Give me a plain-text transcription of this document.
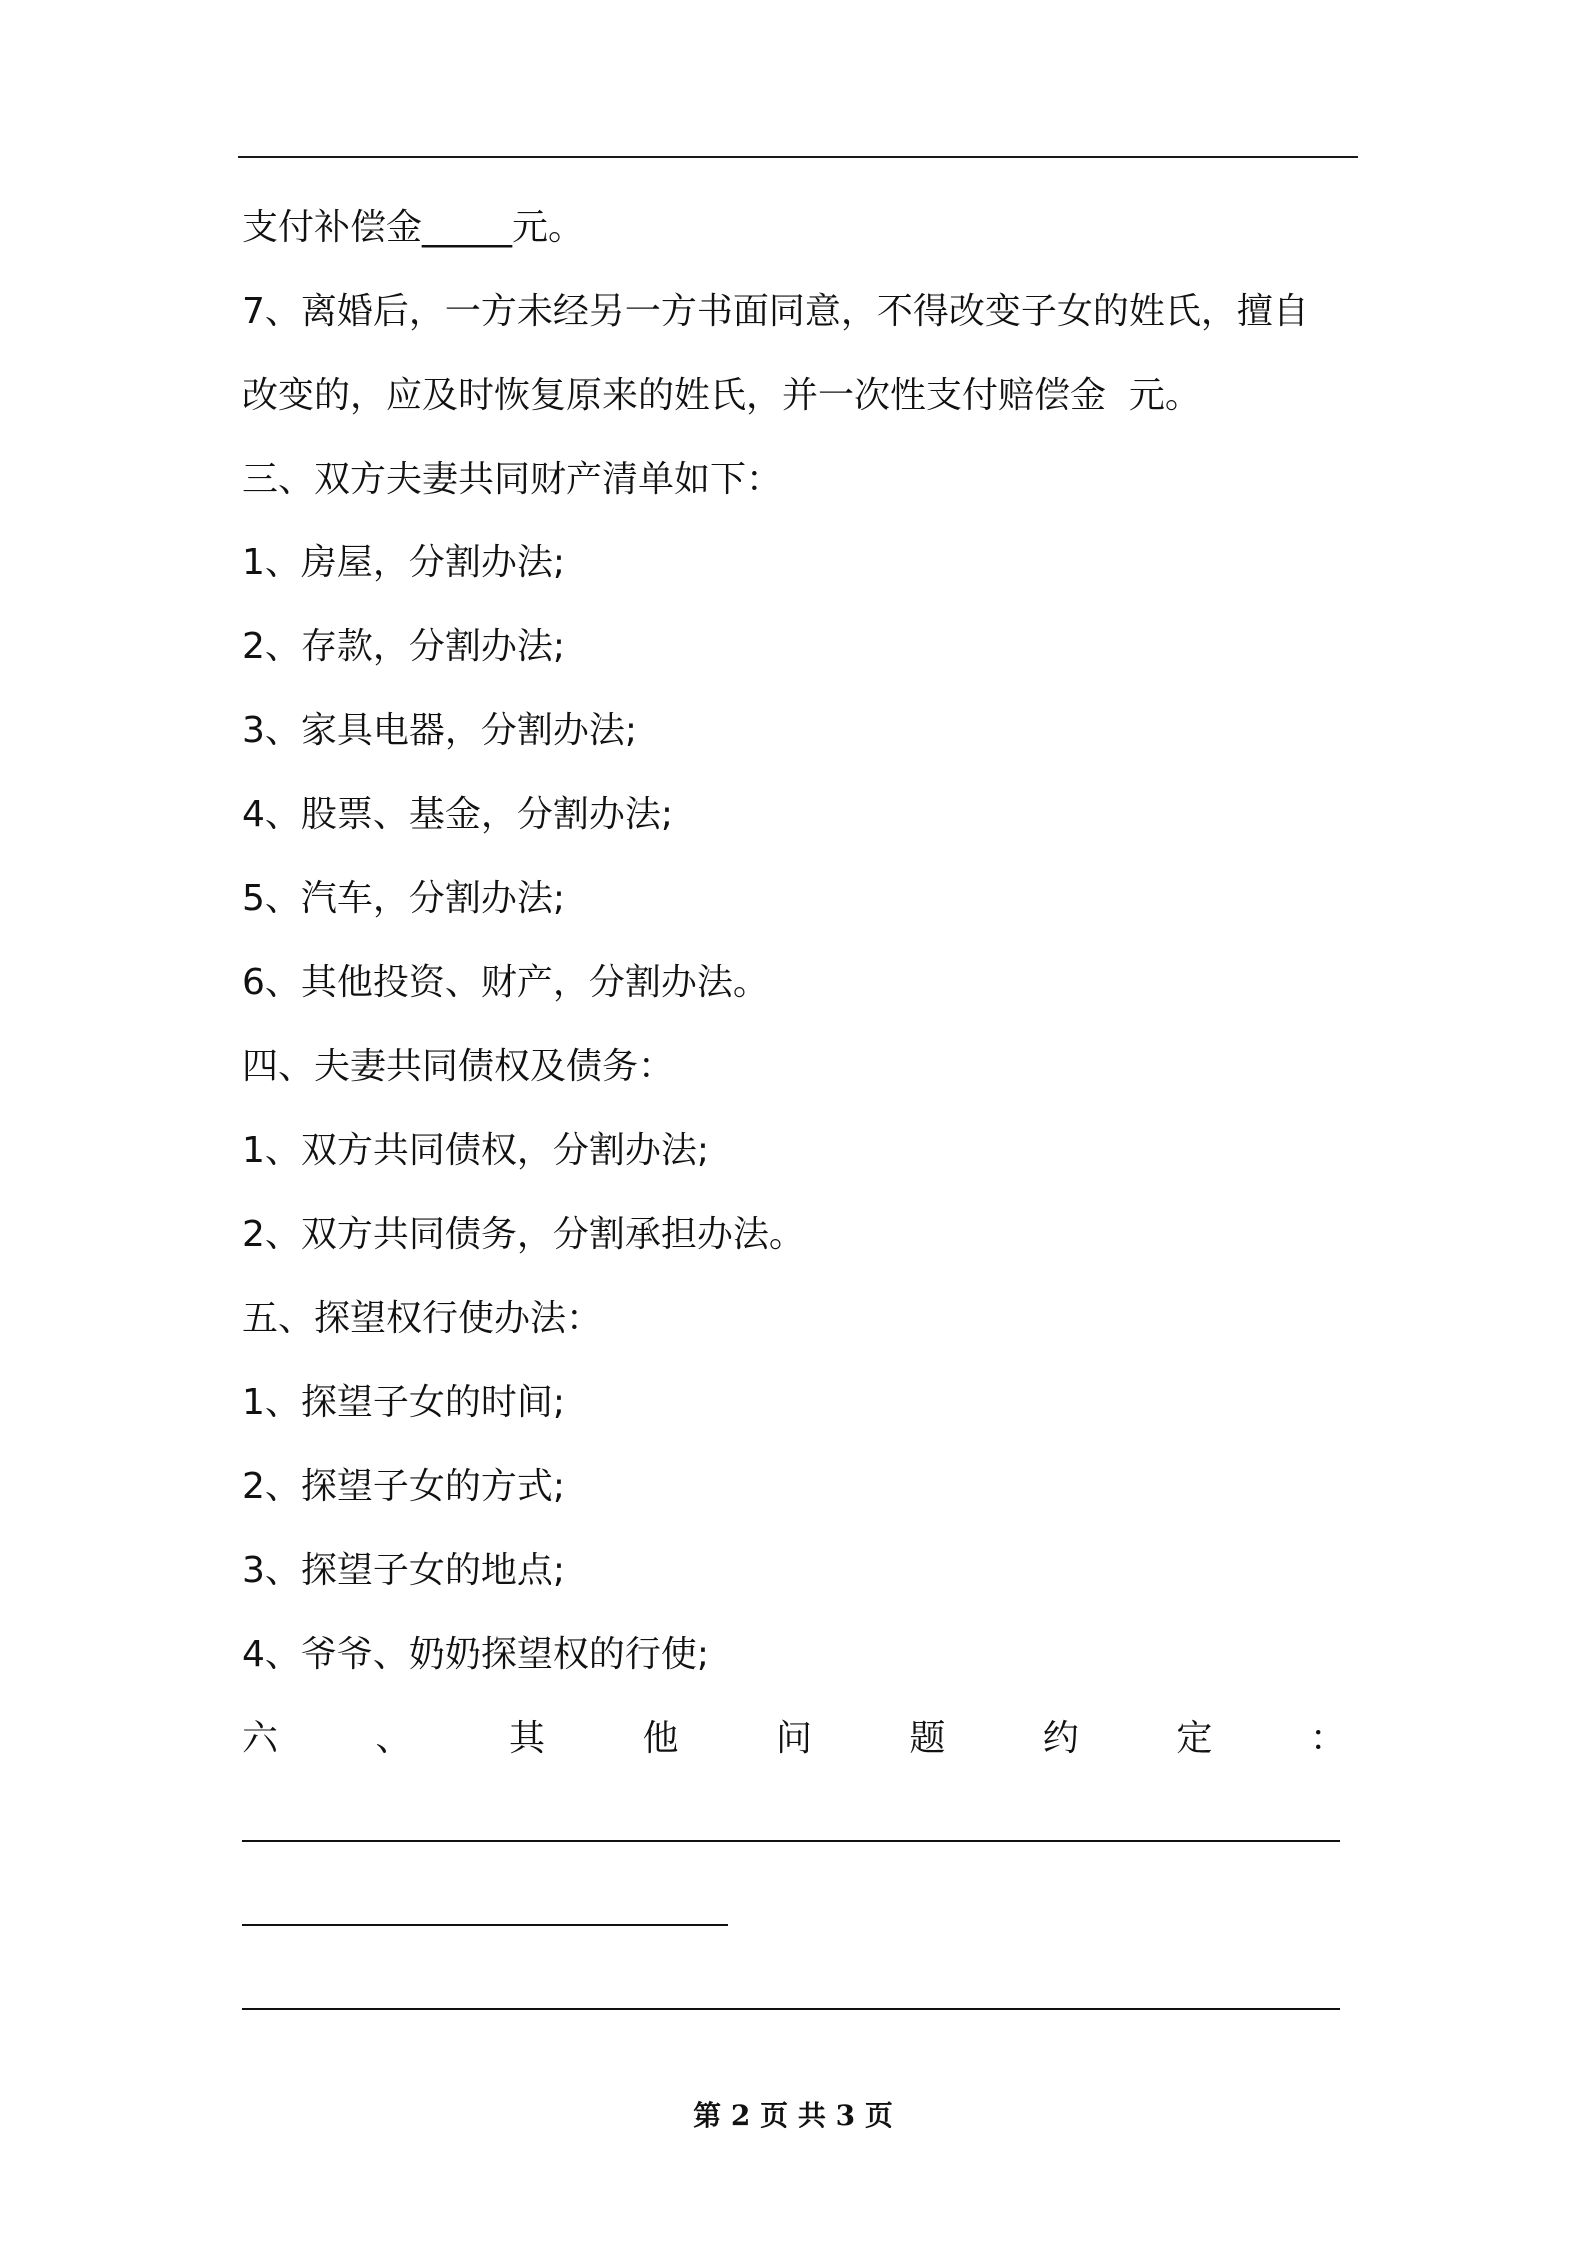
支付补偿金_____元。
7、离婚后，一方未经另一方书面同意，不得改变子女的姓氏，擅自
改变的，应及时恢复原来的姓氏，并一次性支付赔偿金  元。
三、双方夫妻共同财产清单如下：
1、房屋，分割办法;
2、存款，分割办法;
3、家具电器，分割办法;
4、股票、基金，分割办法;
5、汽车，分割办法;
6、其他投资、财产，分割办法。
四、夫妻共同债权及债务：
1、双方共同债权，分割办法;
2、双方共同债务，分割承担办法。
五、探望权行使办法：
1、探望子女的时间;
2、探望子女的方式;
3、探望子女的地点;
4、爷爷、奶奶探望权的行使;
六	、	其	他	问	题	约	定	：
第 2 页 共 3 页
